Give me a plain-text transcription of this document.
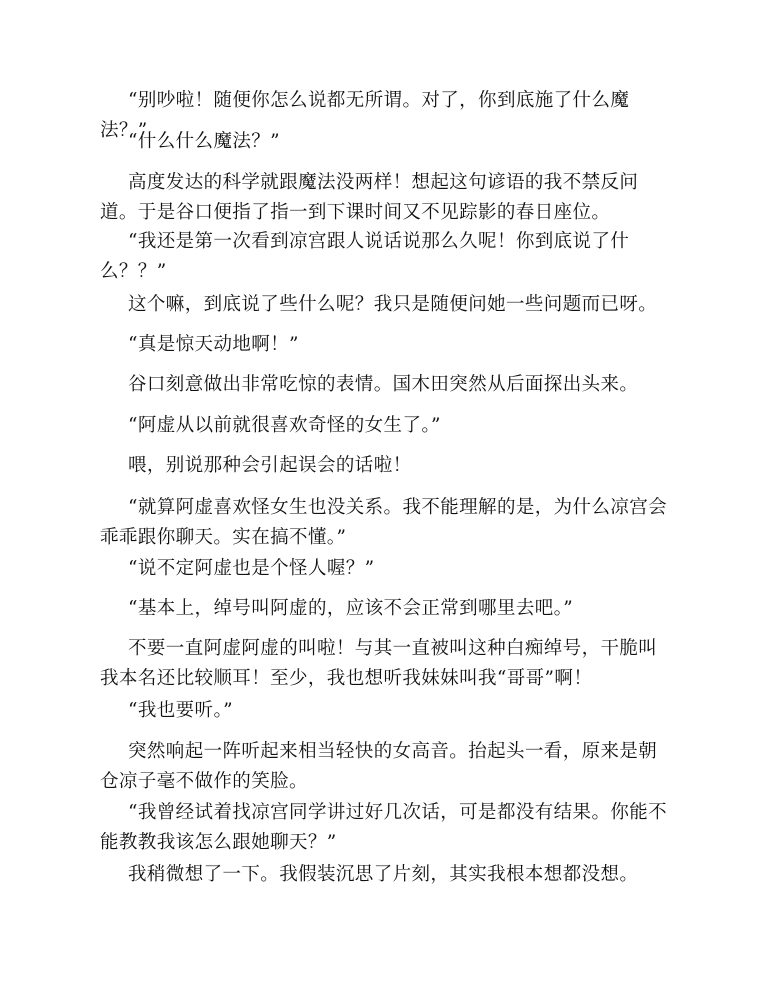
“别吵啦！随便你怎么说都无所谓。对了，你到底施了什么魔法？”

“什么什么魔法？”

高度发达的科学就跟魔法没两样！想起这句谚语的我不禁反问道。于是谷口便指了指一到下课时间又不见踪影的春日座位。

“我还是第一次看到凉宫跟人说话说那么久呢！你到底说了什么？？”

这个嘛，到底说了些什么呢？我只是随便问她一些问题而已呀。

“真是惊天动地啊！”

谷口刻意做出非常吃惊的表情。国木田突然从后面探出头来。

“阿虚从以前就很喜欢奇怪的女生了。”

喂，别说那种会引起误会的话啦！

“就算阿虚喜欢怪女生也没关系。我不能理解的是，为什么凉宫会乖乖跟你聊天。实在搞不懂。”

“说不定阿虚也是个怪人喔？”

“基本上，绰号叫阿虚的，应该不会正常到哪里去吧。”

不要一直阿虚阿虚的叫啦！与其一直被叫这种白痴绰号，干脆叫我本名还比较顺耳！至少，我也想听我妹妹叫我“哥哥”啊！

“我也要听。”

突然响起一阵听起来相当轻快的女高音。抬起头一看，原来是朝仓凉子毫不做作的笑脸。

“我曾经试着找凉宫同学讲过好几次话，可是都没有结果。你能不能教教我该怎么跟她聊天？”

我稍微想了一下。我假装沉思了片刻，其实我根本想都没想。
